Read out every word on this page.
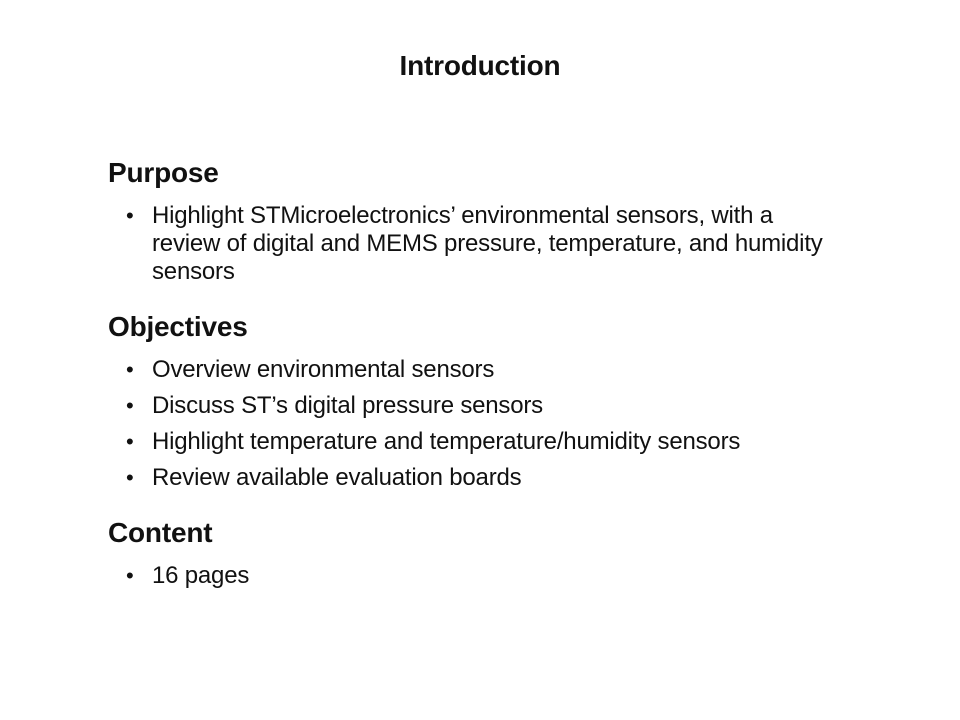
Introduction
Purpose
• Highlight STMicroelectronics’ environmental sensors, with a review of digital and MEMS pressure, temperature, and humidity sensors
Objectives
• Overview environmental sensors
• Discuss ST’s digital pressure sensors
• Highlight temperature and temperature/humidity sensors
• Review available evaluation boards
Content
• 16 pages
